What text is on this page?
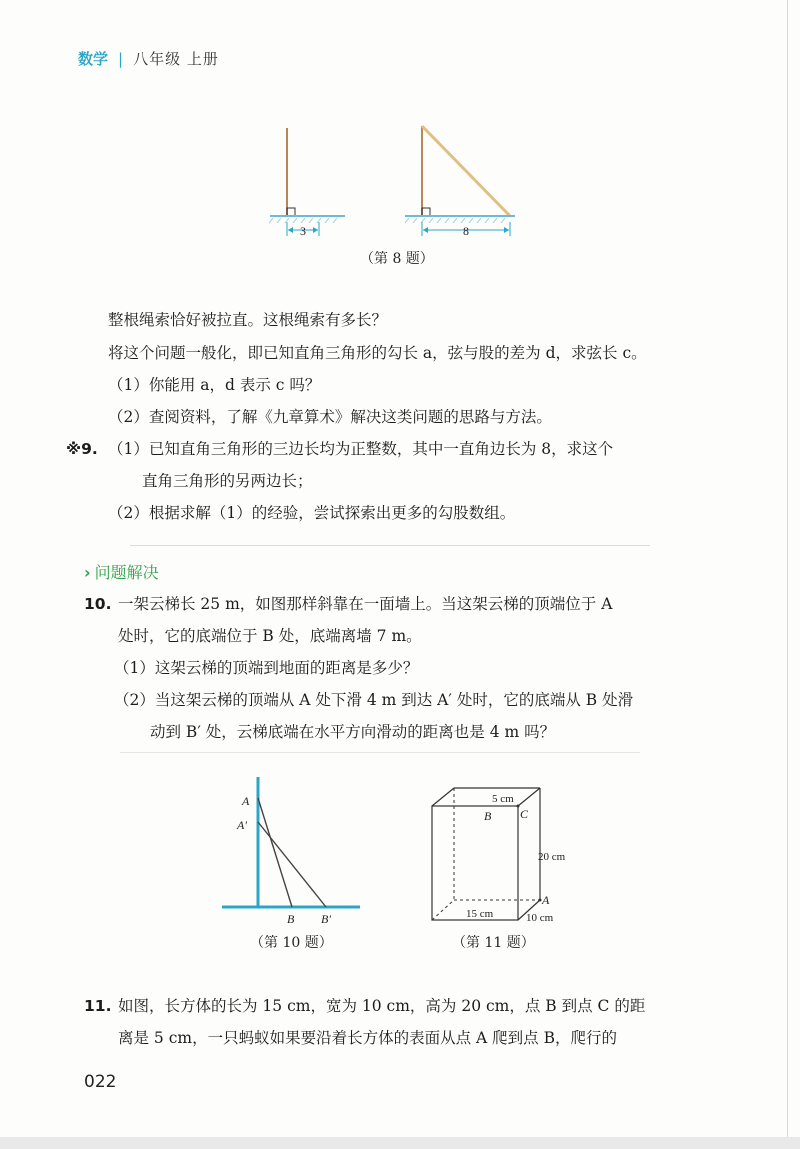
数学 | 八年级 上册
3	8
（第 8 题）
整根绳索恰好被拉直。这根绳索有多长？
将这个问题一般化，即已知直角三角形的勾长 a，弦与股的差为 d，求弦长 c。
（1）你能用 a，d 表示 c 吗？
（2）查阅资料，了解《九章算术》解决这类问题的思路与方法。
※9. （1）已知直角三角形的三边长均为正整数，其中一直角边长为 8，求这个
直角三角形的另两边长；
（2）根据求解（1）的经验，尝试探索出更多的勾股数组。
› 问题解决
10. 一架云梯长 25 m，如图那样斜靠在一面墙上。当这架云梯的顶端位于 A
处时，它的底端位于 B 处，底端离墙 7 m。
（1）这架云梯的顶端到地面的距离是多少？
（2）当这架云梯的顶端从 A 处下滑 4 m 到达 A′ 处时，它的底端从 B 处滑
动到 B′ 处，云梯底端在水平方向滑动的距离也是 4 m 吗？
A
A′
B B′
（第 10 题）
5 cm
B C
20 cm
A
15 cm	10 cm
（第 11 题）
11. 如图，长方体的长为 15 cm，宽为 10 cm，高为 20 cm，点 B 到点 C 的距
离是 5 cm，一只蚂蚁如果要沿着长方体的表面从点 A 爬到点 B，爬行的
022
